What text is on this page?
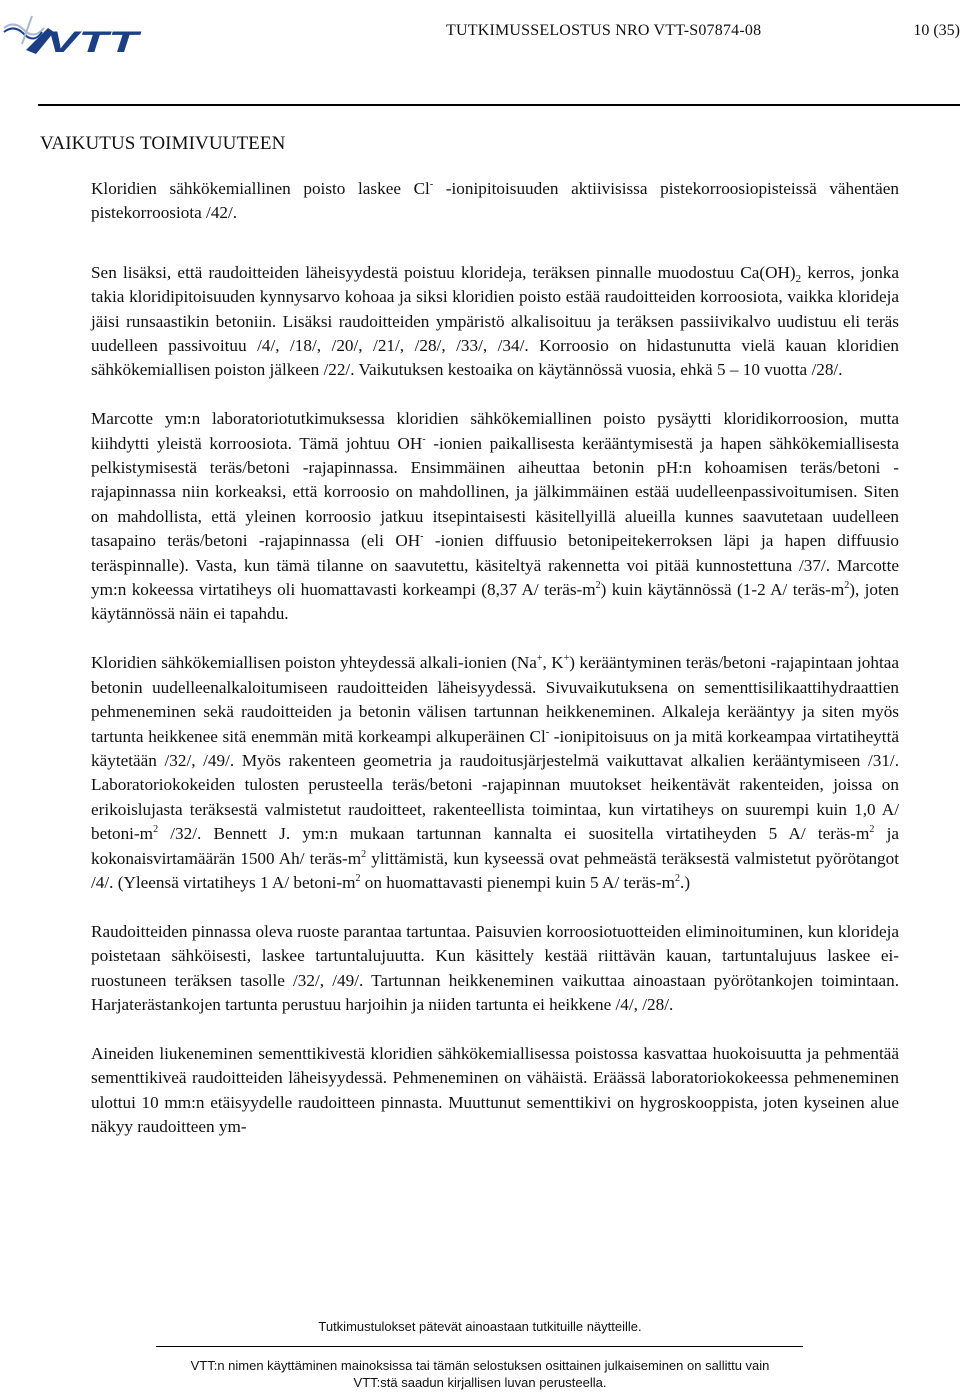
VTT	TUTKIMUSSELOSTUS NRO VTT-S07874-08	10 (35)
VAIKUTUS TOIMIVUUTEEN

Kloridien sähkökemiallinen poisto laskee Cl- -ionipitoisuuden aktiivisissa pistekorroosiopisteissä vähentäen pistekorroosiota /42/.

Sen lisäksi, että raudoitteiden läheisyydestä poistuu klorideja, teräksen pinnalle muodostuu $Ca(OH)_2$ kerros, jonka takia kloridipitoisuuden kynnysarvo kohoaa ja siksi kloridien poisto estää raudoitteiden korroosiota, vaikka klorideja jäisi runsaastikin betoniin. Lisäksi raudoitteiden ympäristö alkalisoituu ja teräksen passiivikalvo uudistuu eli teräs uudelleen passivoituu /4/, /18/, /20/, /21/, /28/, /33/, /34/. Korroosio on hidastunutta vielä kauan kloridien sähkökemiallisen poiston jälkeen /22/. Vaikutuksen kestoaika on käytännössä vuosia, ehkä 5 – 10 vuotta /28/.

Marcotte ym:n laboratoriotutkimuksessa kloridien sähkökemiallinen poisto pysäytti kloridikorroosion, mutta kiihdytti yleistä korroosiota. Tämä johtuu OH- -ionien paikallisesta kerääntymisestä ja hapen sähkökemiallisesta pelkistymisestä teräs/betoni -rajapinnassa. Ensimmäinen aiheuttaa betonin pH:n kohoamisen teräs/betoni -rajapinnassa niin korkeaksi, että korroosio on mahdollinen, ja jälkimmäinen estää uudelleenpassivoitumisen. Siten on mahdollista, että yleinen korroosio jatkuu itsepintaisesti käsitellyillä alueilla kunnes saavutetaan uudelleen tasapaino teräs/betoni -rajapinnassa (eli OH- -ionien diffuusio betonipeitekerroksen läpi ja hapen diffuusio teräspinnalle). Vasta, kun tämä tilanne on saavutettu, käsiteltyä rakennetta voi pitää kunnostettuna /37/. Marcotte ym:n kokeessa virtatiheys oli huomattavasti korkeampi (8,37 A/ teräs-$m^2$) kuin käytännössä (1-2 A/ teräs-$m^2$), joten käytännössä näin ei tapahdu.

Kloridien sähkökemiallisen poiston yhteydessä alkali-ionien (Na+, K+) kerääntyminen teräs/betoni -rajapintaan johtaa betonin uudelleenalkaloitumiseen raudoitteiden läheisyydessä. Sivuvaikutuksena on sementtisilikaattihydraattien pehmeneminen sekä raudoitteiden ja betonin välisen tartunnan heikkeneminen. Alkaleja kerääntyy ja siten myös tartunta heikkenee sitä enemmän mitä korkeampi alkuperäinen Cl- -ionipitoisuus on ja mitä korkeampaa virtatiheyttä käytetään /32/, /49/. Myös rakenteen geometria ja raudoitusjärjestelmä vaikuttavat alkalien kerääntymiseen /31/. Laboratoriokokeiden tulosten perusteella teräs/betoni -rajapinnan muutokset heikentävät rakenteiden, joissa on erikoislujasta teräksestä valmistetut raudoitteet, rakenteellista toimintaa, kun virtatiheys on suurempi kuin 1,0 A/ betoni-$m^2$ /32/. Bennett J. ym:n mukaan tartunnan kannalta ei suositella virtatiheyden 5 A/ teräs-$m^2$ ja kokonaisvirtamäärän 1500 Ah/ teräs-$m^2$ ylittämistä, kun kyseessä ovat pehmeästä teräksestä valmistetut pyörötangot /4/. (Yleensä virtatiheys 1 A/ betoni-$m^2$ on huomattavasti pienempi kuin 5 A/ teräs-$m^2$.)

Raudoitteiden pinnassa oleva ruoste parantaa tartuntaa. Paisuvien korroosiotuotteiden eliminoituminen, kun klorideja poistetaan sähköisesti, laskee tartuntalujuutta. Kun käsittely kestää riittävän kauan, tartuntalujuus laskee ei-ruostuneen teräksen tasolle /32/, /49/. Tartunnan heikkeneminen vaikuttaa ainoastaan pyörötankojen toimintaan. Harjaterästankojen tartunta perustuu harjoihin ja niiden tartunta ei heikkene /4/, /28/.

Aineiden liukeneminen sementtikivestä kloridien sähkökemiallisessa poistossa kasvattaa huokoisuutta ja pehmentää sementtikiveä raudoitteiden läheisyydessä. Pehmeneminen on vähäistä. Eräässä laboratoriokokeessa pehmeneminen ulottui 10 mm:n etäisyydelle raudoitteen pinnasta. Muuttunut sementtikivi on hygroskooppista, joten kyseinen alue näkyy raudoitteen ym-

Tutkimustulokset pätevät ainoastaan tutkituille näytteille.
VTT:n nimen käyttäminen mainoksissa tai tämän selostuksen osittainen julkaiseminen on sallittu vain
VTT:stä saadun kirjallisen luvan perusteella.
